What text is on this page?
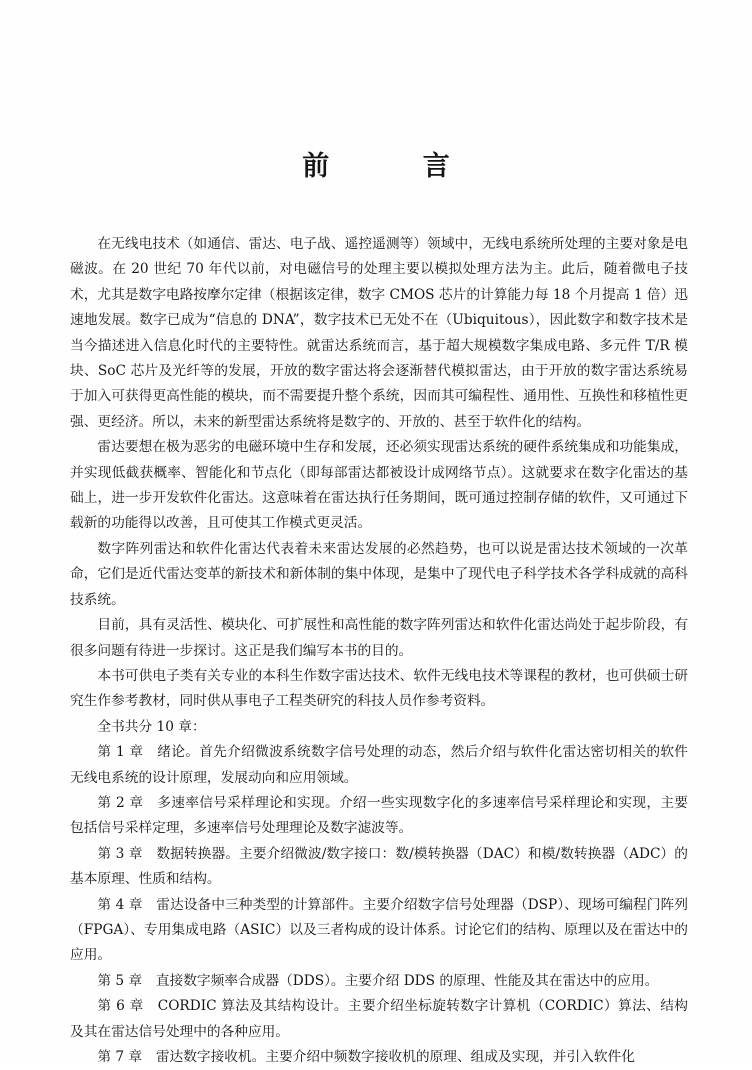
前 言

在无线电技术（如通信、雷达、电子战、遥控遥测等）领域中，无线电系统所处理的主要对象是电磁波。在 20 世纪 70 年代以前，对电磁信号的处理主要以模拟处理方法为主。此后，随着微电子技术，尤其是数字电路按摩尔定律（根据该定律，数字 CMOS 芯片的计算能力每 18 个月提高 1 倍）迅速地发展。数字已成为“信息的 DNA”，数字技术已无处不在（Ubiquitous），因此数字和数字技术是当今描述进入信息化时代的主要特性。就雷达系统而言，基于超大规模数字集成电路、多元件 T/R 模块、SoC 芯片及光纤等的发展，开放的数字雷达将会逐渐替代模拟雷达，由于开放的数字雷达系统易于加入可获得更高性能的模块，而不需要提升整个系统，因而其可编程性、通用性、互换性和移植性更强、更经济。所以，未来的新型雷达系统将是数字的、开放的、甚至于软件化的结构。

雷达要想在极为恶劣的电磁环境中生存和发展，还必须实现雷达系统的硬件系统集成和功能集成，并实现低截获概率、智能化和节点化（即每部雷达都被设计成网络节点）。这就要求在数字化雷达的基础上，进一步开发软件化雷达。这意味着在雷达执行任务期间，既可通过控制存储的软件，又可通过下载新的功能得以改善，且可使其工作模式更灵活。

数字阵列雷达和软件化雷达代表着未来雷达发展的必然趋势，也可以说是雷达技术领域的一次革命，它们是近代雷达变革的新技术和新体制的集中体现，是集中了现代电子科学技术各学科成就的高科技系统。

目前，具有灵活性、模块化、可扩展性和高性能的数字阵列雷达和软件化雷达尚处于起步阶段，有很多问题有待进一步探讨。这正是我们编写本书的目的。

本书可供电子类有关专业的本科生作数字雷达技术、软件无线电技术等课程的教材，也可供硕士研究生作参考教材，同时供从事电子工程类研究的科技人员作参考资料。

全书共分 10 章：

第 1 章　绪论。首先介绍微波系统数字信号处理的动态，然后介绍与软件化雷达密切相关的软件无线电系统的设计原理，发展动向和应用领域。

第 2 章　多速率信号采样理论和实现。介绍一些实现数字化的多速率信号采样理论和实现，主要包括信号采样定理，多速率信号处理理论及数字滤波等。

第 3 章　数据转换器。主要介绍微波/数字接口：数/模转换器（DAC）和模/数转换器（ADC）的基本原理、性质和结构。

第 4 章　雷达设备中三种类型的计算部件。主要介绍数字信号处理器（DSP）、现场可编程门阵列（FPGA）、专用集成电路（ASIC）以及三者构成的设计体系。讨论它们的结构、原理以及在雷达中的应用。

第 5 章　直接数字频率合成器（DDS）。主要介绍 DDS 的原理、性能及其在雷达中的应用。

第 6 章　CORDIC 算法及其结构设计。主要介绍坐标旋转数字计算机（CORDIC）算法、结构及其在雷达信号处理中的各种应用。

第 7 章　雷达数字接收机。主要介绍中频数字接收机的原理、组成及实现，并引入软件化
